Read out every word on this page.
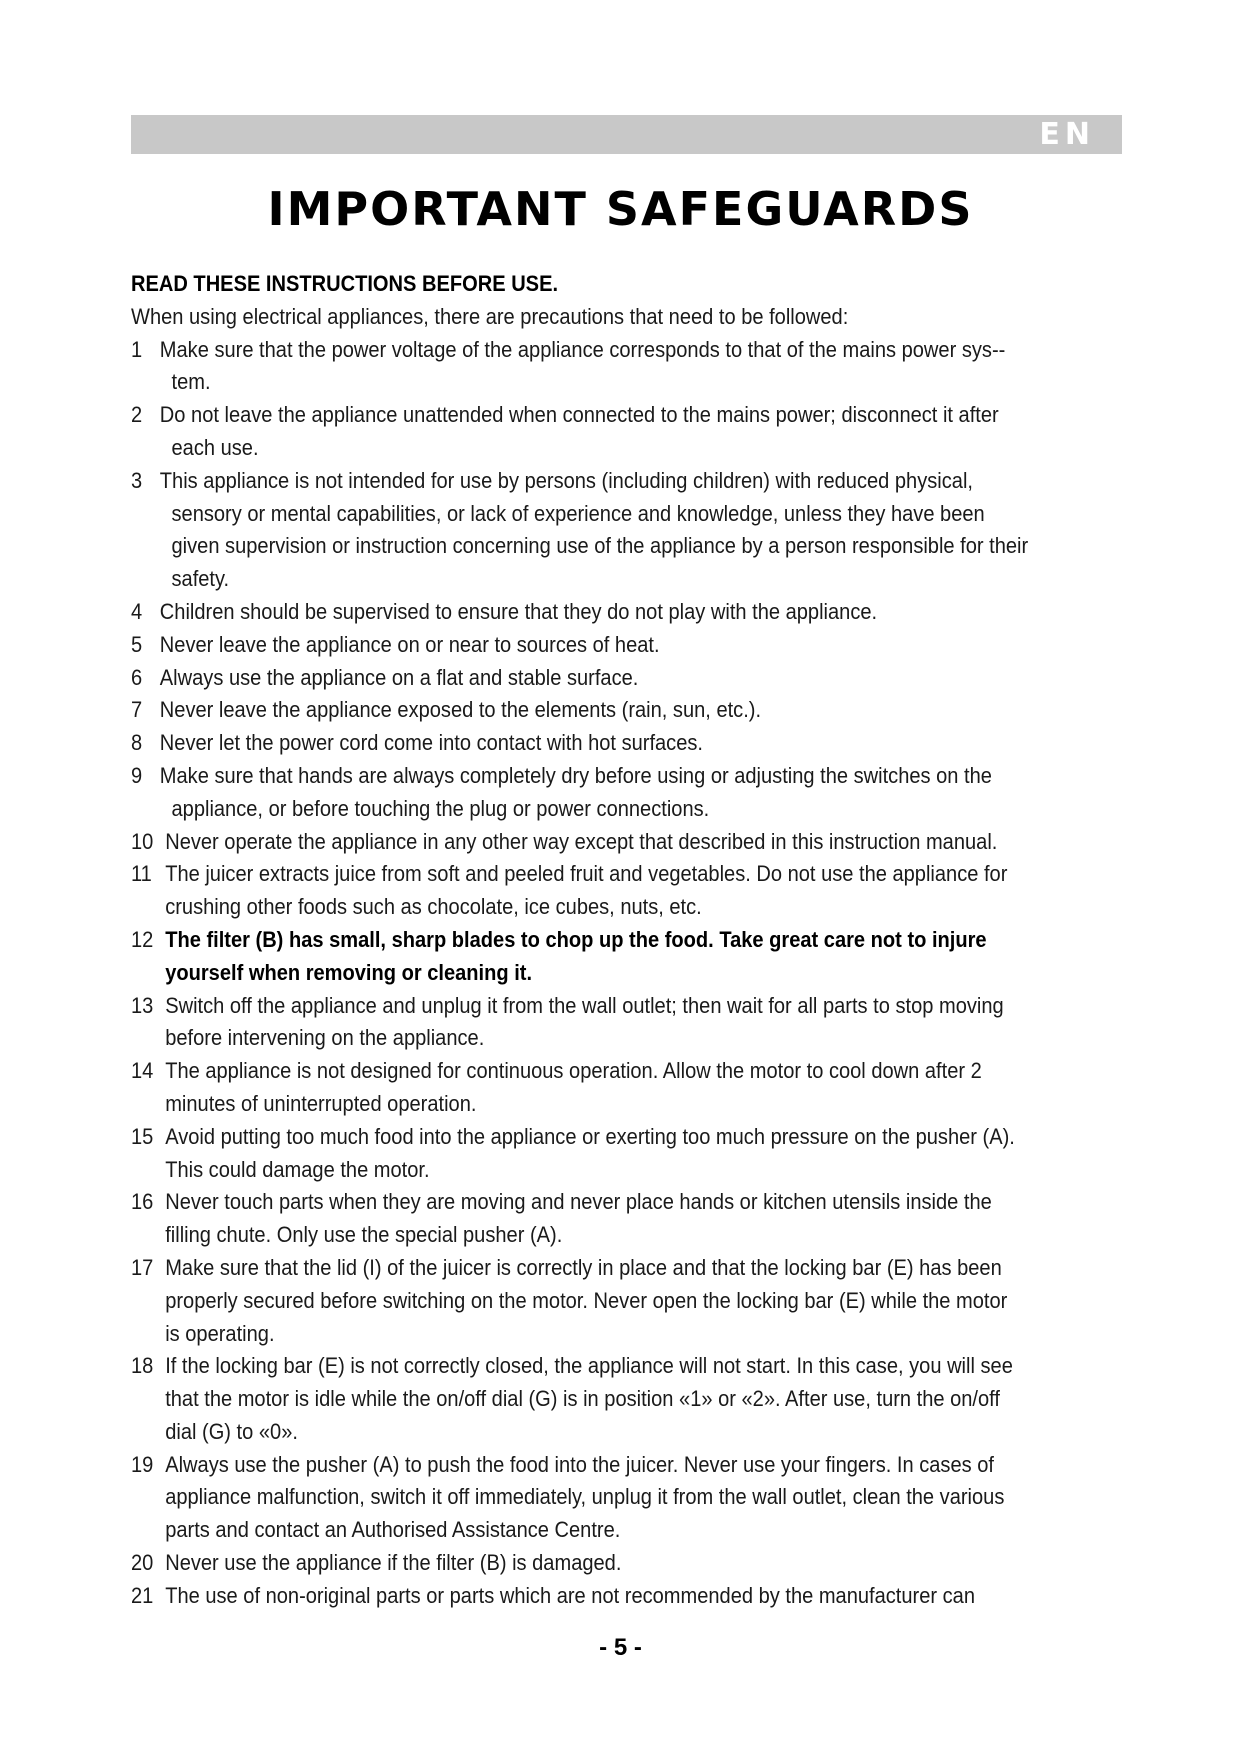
EN
IMPORTANT SAFEGUARDS
READ THESE INSTRUCTIONS BEFORE USE.
When using electrical appliances, there are precautions that need to be followed:
1 Make sure that the power voltage of the appliance corresponds to that of the mains power sys--
tem.
2 Do not leave the appliance unattended when connected to the mains power; disconnect it after
each use.
3 This appliance is not intended for use by persons (including children) with reduced physical,
sensory or mental capabilities, or lack of experience and knowledge, unless they have been
given supervision or instruction concerning use of the appliance by a person responsible for their
safety.
4 Children should be supervised to ensure that they do not play with the appliance.
5 Never leave the appliance on or near to sources of heat.
6 Always use the appliance on a flat and stable surface.
7 Never leave the appliance exposed to the elements (rain, sun, etc.).
8 Never let the power cord come into contact with hot surfaces.
9 Make sure that hands are always completely dry before using or adjusting the switches on the
appliance, or before touching the plug or power connections.
10 Never operate the appliance in any other way except that described in this instruction manual.
11 The juicer extracts juice from soft and peeled fruit and vegetables. Do not use the appliance for
crushing other foods such as chocolate, ice cubes, nuts, etc.
12 The filter (B) has small, sharp blades to chop up the food. Take great care not to injure
yourself when removing or cleaning it.
13 Switch off the appliance and unplug it from the wall outlet; then wait for all parts to stop moving
before intervening on the appliance.
14 The appliance is not designed for continuous operation. Allow the motor to cool down after 2
minutes of uninterrupted operation.
15 Avoid putting too much food into the appliance or exerting too much pressure on the pusher (A).
This could damage the motor.
16 Never touch parts when they are moving and never place hands or kitchen utensils inside the
filling chute. Only use the special pusher (A).
17 Make sure that the lid (I) of the juicer is correctly in place and that the locking bar (E) has been
properly secured before switching on the motor. Never open the locking bar (E) while the motor
is operating.
18 If the locking bar (E) is not correctly closed, the appliance will not start. In this case, you will see
that the motor is idle while the on/off dial (G) is in position «1» or «2». After use, turn the on/off
dial (G) to «0».
19 Always use the pusher (A) to push the food into the juicer. Never use your fingers. In cases of
appliance malfunction, switch it off immediately, unplug it from the wall outlet, clean the various
parts and contact an Authorised Assistance Centre.
20 Never use the appliance if the filter (B) is damaged.
21 The use of non-original parts or parts which are not recommended by the manufacturer can
- 5 -
